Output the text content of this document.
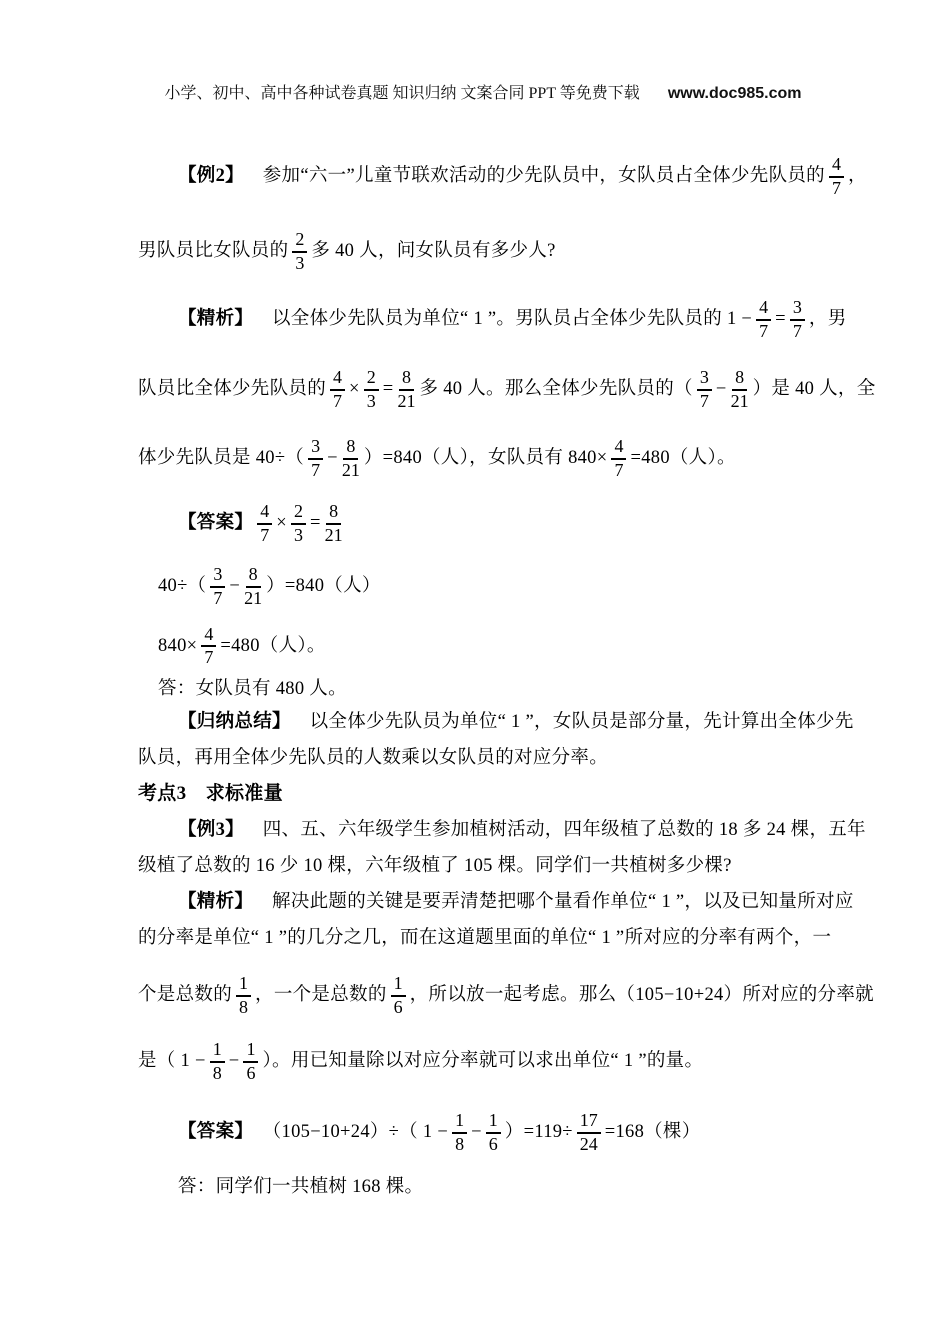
小学、初中、高中各种试卷真题 知识归纳 文案合同 PPT 等免费下载 www.doc985.com

【例2】 　参加“六一”儿童节联欢活动的少先队员中，女队员占全体少先队员的 $\frac{4}{7}$ ，
男队员比女队员的 $\frac{2}{3}$ 多 40 人，问女队员有多少人?
【精析】 　以全体少先队员为单位“ 1 ”。男队员占全体少先队员的 $1 - \frac{4}{7} = \frac{3}{7}$ ，男
队员比全体少先队员的 $\frac{4}{7} \times \frac{2}{3} = \frac{8}{21}$ 多 40 人。那么全体少先队员的（ $\frac{3}{7} - \frac{8}{21}$ ）是 40 人，全
体少先队员是 $40\div( \frac{3}{7} - \frac{8}{21} )=840$（人），女队员有 $840\times \frac{4}{7} =480$（人）。
【答案】 $\frac{4}{7} \times \frac{2}{3} = \frac{8}{21}$
$40\div( \frac{3}{7} - \frac{8}{21} )=840$（人）
$840\times \frac{4}{7} =480$（人）。
答：女队员有 480 人。
【归纳总结】 　以全体少先队员为单位“ 1 ”，女队员是部分量，先计算出全体少先
队员，再用全体少先队员的人数乘以女队员的对应分率。
考点3　求标准量
【例3】 　四、五、六年级学生参加植树活动，四年级植了总数的 18 多 24 棵，五年
级植了总数的 16 少 10 棵，六年级植了 105 棵。同学们一共植树多少棵?
【精析】 　解决此题的关键是要弄清楚把哪个量看作单位“ 1 ”，以及已知量所对应
的分率是单位“ 1 ”的几分之几，而在这道题里面的单位“ 1 ”所对应的分率有两个，一
个是总数的 $\frac{1}{8}$ ，一个是总数的 $\frac{1}{6}$ ，所以放一起考虑。那么（105−10+24）所对应的分率就
是（ $1 - \frac{1}{8} - \frac{1}{6}$ ）。用已知量除以对应分率就可以求出单位“ 1 ”的量。
【答案】 　（105−10+24）÷（ $1 - \frac{1}{8} - \frac{1}{6} )=119\div \frac{17}{24} =168$（棵）
答：同学们一共植树 168 棵。
